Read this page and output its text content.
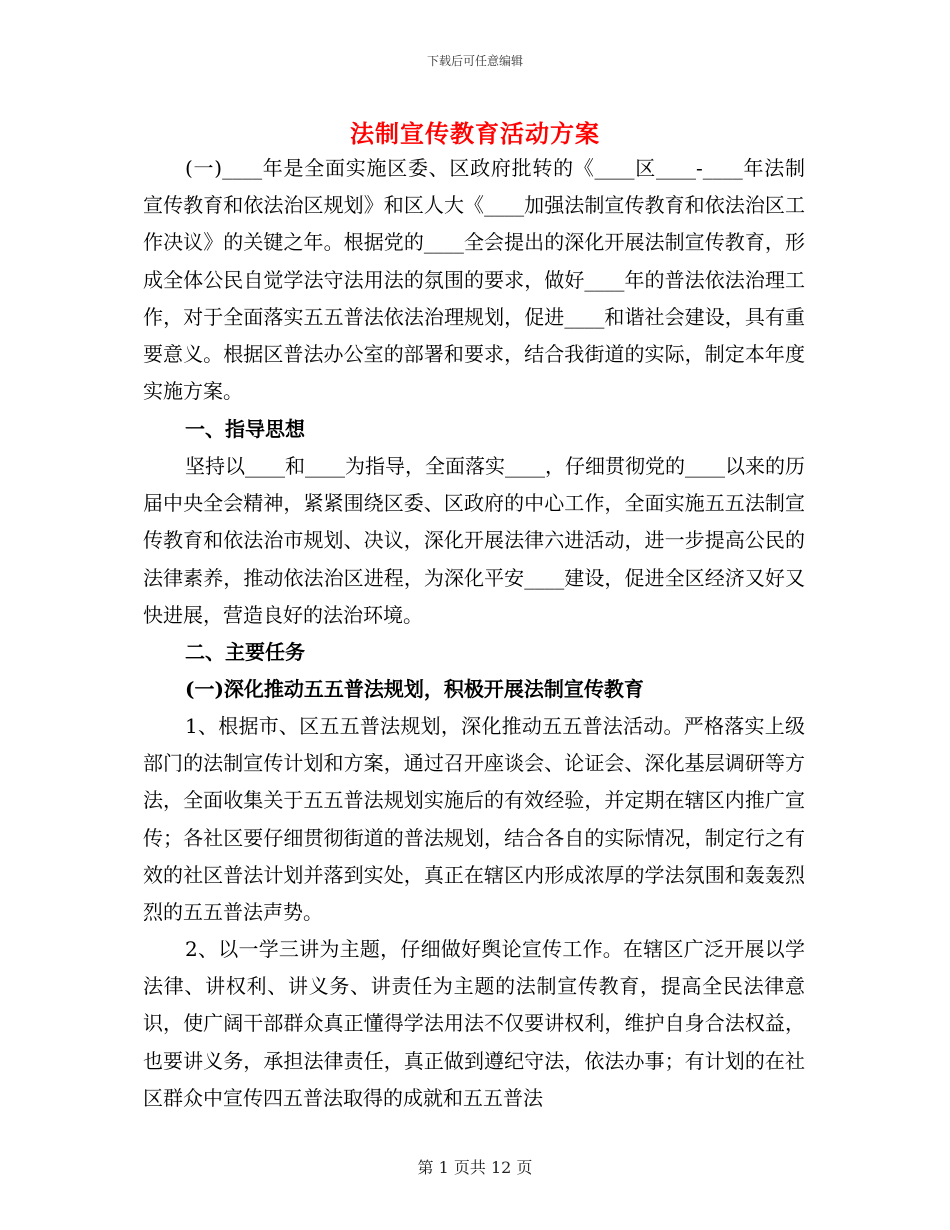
下载后可任意编辑
法制宣传教育活动方案

(一)____年是全面实施区委、区政府批转的《____区____-____年法制宣传教育和依法治区规划》和区人大《____加强法制宣传教育和依法治区工作决议》的关键之年。根据党的____全会提出的深化开展法制宣传教育，形成全体公民自觉学法守法用法的氛围的要求，做好____年的普法依法治理工作，对于全面落实五五普法依法治理规划，促进____和谐社会建设，具有重要意义。根据区普法办公室的部署和要求，结合我街道的实际，制定本年度实施方案。

一、指导思想

坚持以____和____为指导，全面落实____，仔细贯彻党的____以来的历届中央全会精神，紧紧围绕区委、区政府的中心工作，全面实施五五法制宣传教育和依法治市规划、决议，深化开展法律六进活动，进一步提高公民的法律素养，推动依法治区进程，为深化平安____建设，促进全区经济又好又快进展，营造良好的法治环境。

二、主要任务
(一)深化推动五五普法规划，积极开展法制宣传教育

1、根据市、区五五普法规划，深化推动五五普法活动。严格落实上级部门的法制宣传计划和方案，通过召开座谈会、论证会、深化基层调研等方法，全面收集关于五五普法规划实施后的有效经验，并定期在辖区内推广宣传；各社区要仔细贯彻街道的普法规划，结合各自的实际情况，制定行之有效的社区普法计划并落到实处，真正在辖区内形成浓厚的学法氛围和轰轰烈烈的五五普法声势。

2、以一学三讲为主题，仔细做好舆论宣传工作。在辖区广泛开展以学法律、讲权利、讲义务、讲责任为主题的法制宣传教育，提高全民法律意识，使广阔干部群众真正懂得学法用法不仅要讲权利，维护自身合法权益，也要讲义务，承担法律责任，真正做到遵纪守法，依法办事；有计划的在社区群众中宣传四五普法取得的成就和五五普法

第 1 页共 12 页
